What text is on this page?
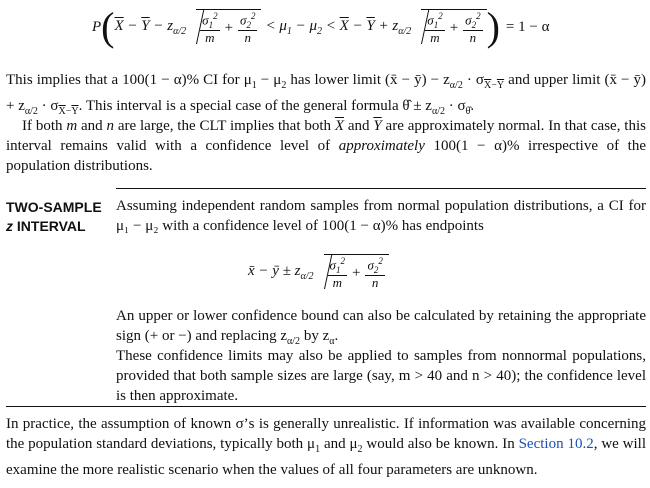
P ( $\overline{X} - \overline{Y} - z_{\alpha/2} \frac{\sigma_1^2}{m} + \frac{\sigma_2^2}{n} < \mu_1 - \mu_2 < \overline{X} - \overline{Y} + z_{\alpha/2} \frac{\sigma_1^2}{m} + \frac{\sigma_2^2}{n}$ ) = 1 − α
This implies that a 100(1 − α)% CI for $\mu_1 - \mu_2$ has lower limit (x̄ − ȳ) − $z_{\alpha/2} \cdot \sigma_{\overline{X}-\overline{Y}}$ and upper limit (x̄ − ȳ) + $z_{\alpha/2} \cdot \sigma_{\overline{X}-\overline{Y}}$. This interval is a special case of the general formula θ̂ ± $z_{\alpha/2} \cdot \sigma_{\thetâ}$.
If both m and n are large, the CLT implies that both $\overline{X}$ and $\overline{Y}$ are approximately normal. In that case, this interval remains valid with a confidence level of approximately 100(1 − α)% irrespective of the population distributions.
TWO-SAMPLE
z INTERVAL
Assuming independent random samples from normal population distributions, a CI for μ₁ − μ₂ with a confidence level of 100(1 − α)% has endpoints
x̄ − ȳ ± $z_{\alpha/2} \frac{\sigma_1^2}{m} + \frac{\sigma_2^2}{n}$
An upper or lower confidence bound can also be calculated by retaining the appropriate sign (+ or −) and replacing $z_{\alpha/2}$ by $z_\alpha$.
These confidence limits may also be applied to samples from nonnormal populations, provided that both sample sizes are large (say, m > 40 and n > 40); the confidence level is then approximate.
In practice, the assumption of known σ’s is generally unrealistic. If information was available concerning the population standard deviations, typically both $\mu_1$ and $\mu_2$ would also be known. In Section 10.2, we will examine the more realistic scenario when the values of all four parameters are unknown.
